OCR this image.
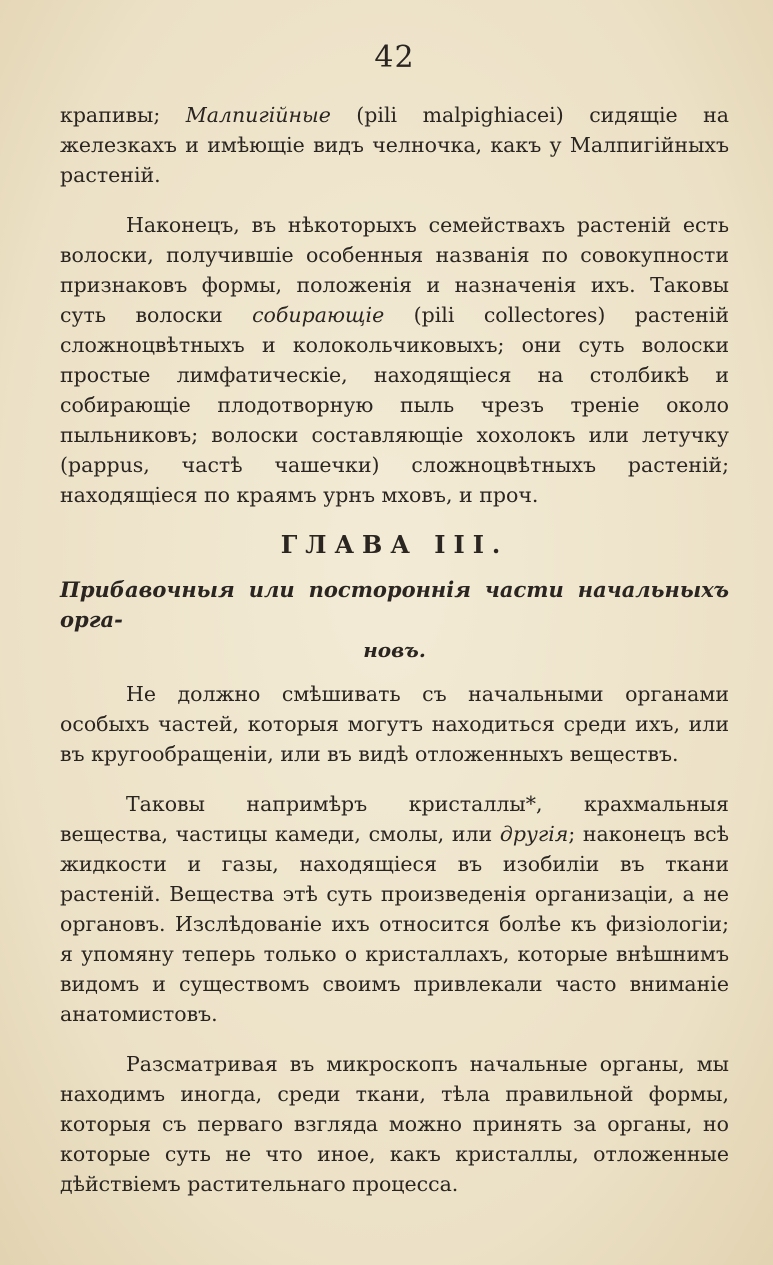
42

крапивы; Малпигійные (pili malpighiacei) сидящіе на железкахъ и имѣющіе видъ челночка, какъ у Малпигійныхъ растеній.

Наконецъ, въ нѣкоторыхъ семействахъ растеній есть волоски, получившіе особенныя названія по совокупности признаковъ формы, положенія и назначенія ихъ. Таковы суть волоски собирающіе (pili collectores) растеній сложноцвѣтныхъ и колокольчиковыхъ; они суть волоски простые лимфатическіе, находящіеся на столбикѣ и собирающіе плодотворную пыль чрезъ треніе около пыльниковъ; волоски составляющіе хохолокъ или летучку (pappus, частѣ чашечки) сложноцвѣтныхъ растеній; находящіеся по краямъ урнъ мховъ, и проч.

ГЛАВА III.
Прибавочныя или постороннія части начальныхъ орга-
новъ.

Не должно смѣшивать съ начальными органами особыхъ частей, которыя могутъ находиться среди ихъ, или въ кругообращеніи, или въ видѣ отложенныхъ веществъ.

Таковы напримѣръ кристаллы*, крахмальныя вещества, частицы камеди, смолы, или другія; наконецъ всѣ жидкости и газы, находящіеся въ изобиліи въ ткани растеній. Вещества этѣ суть произведенія организаціи, а не органовъ. Изслѣдованіе ихъ относится болѣе къ физіологіи; я упомяну теперь только о кристаллахъ, которые внѣшнимъ видомъ и существомъ своимъ привлекали часто вниманіе анатомистовъ.

Разсматривая въ микроскопъ начальные органы, мы находимъ иногда, среди ткани, тѣла правильной формы, которыя съ перваго взгляда можно принять за органы, но которые суть не что иное, какъ кристаллы, отложенные дѣйствіемъ растительнаго процесса.
